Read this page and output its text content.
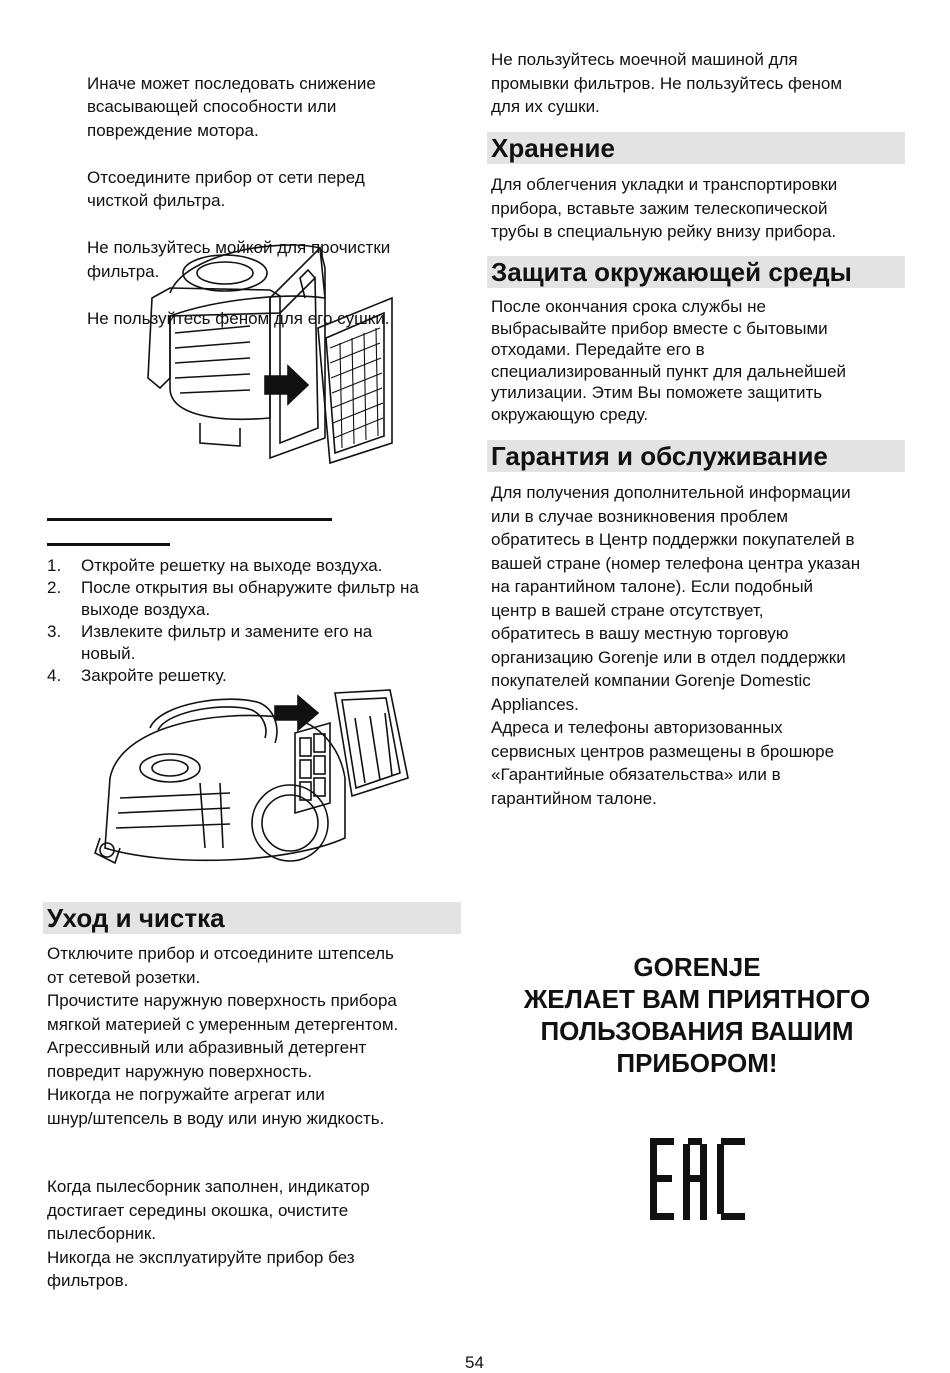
Иначе может последовать снижение
всасывающей способности или
повреждение мотора.

Отсоедините прибор от сети перед
чисткой фильтра.

Не пользуйтесь мойкой для прочистки
фильтра.

Не пользуйтесь феном для его сушки.

1. Откройте решетку на выходе воздуха.
2. После открытия вы обнаружите фильтр на
выходе воздуха.
3. Извлеките фильтр и замените его на
новый.
4. Закройте решетку.
Уход и чистка
Отключите прибор и отсоедините штепсель
от сетевой розетки.
Прочистите наружную поверхность прибора
мягкой материей с умеренным детергентом.
Агрессивный или абразивный детергент
повредит наружную поверхность.
Никогда не погружайте агрегат или
шнур/штепсель в воду или иную жидкость.
Когда пылесборник заполнен, индикатор
достигает середины окошка, очистите
пылесборник.
Никогда не эксплуатируйте прибор без
фильтров.
Не пользуйтесь моечной машиной для
промывки фильтров. Не пользуйтесь феном
для их сушки.
Хранение
Для облегчения укладки и транспортировки
прибора, вставьте зажим телескопической
трубы в специальную рейку внизу прибора.
Защита окружающей среды
После окончания срока службы не
выбрасывайте прибор вместе с бытовыми
отходами. Передайте его в
специализированный пункт для дальнейшей
утилизации. Этим Вы поможете защитить
окружающую среду.
Гарантия и обслуживание
Для получения дополнительной информации
или в случае возникновения проблем
обратитесь в Центр поддержки покупателей в
вашей стране (номер телефона центра указан
на гарантийном талоне). Если подобный
центр в вашей стране отсутствует,
обратитесь в вашу местную торговую
организацию Gorenje или в отдел поддержки
покупателей компании Gorenje Domestic
Appliances.
Адреса и телефоны авторизованных
сервисных центров размещены в брошюре
«Гарантийные обязательства» или в
гарантийном талоне.
GORENJE
ЖЕЛАЕТ ВАМ ПРИЯТНОГО
ПОЛЬЗОВАНИЯ ВАШИМ
ПРИБОРОМ!
54
